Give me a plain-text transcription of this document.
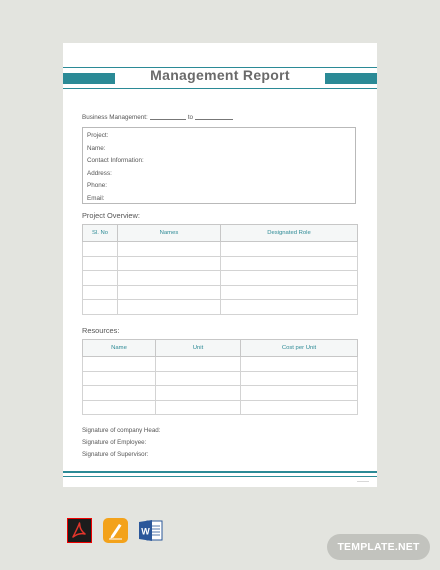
Management Report
Business Management:	to
Project:
Name:
Contact Information:
Address:
Phone:
Email:
Project Overview:
Sl. No	Names	Designated Role

Resources:
Name	Unit	Cost per Unit

Signature of company Head:
Signature of Employee:
Signature of Supervisor:
▬▬▬▬
W
TEMPLATE.NET
